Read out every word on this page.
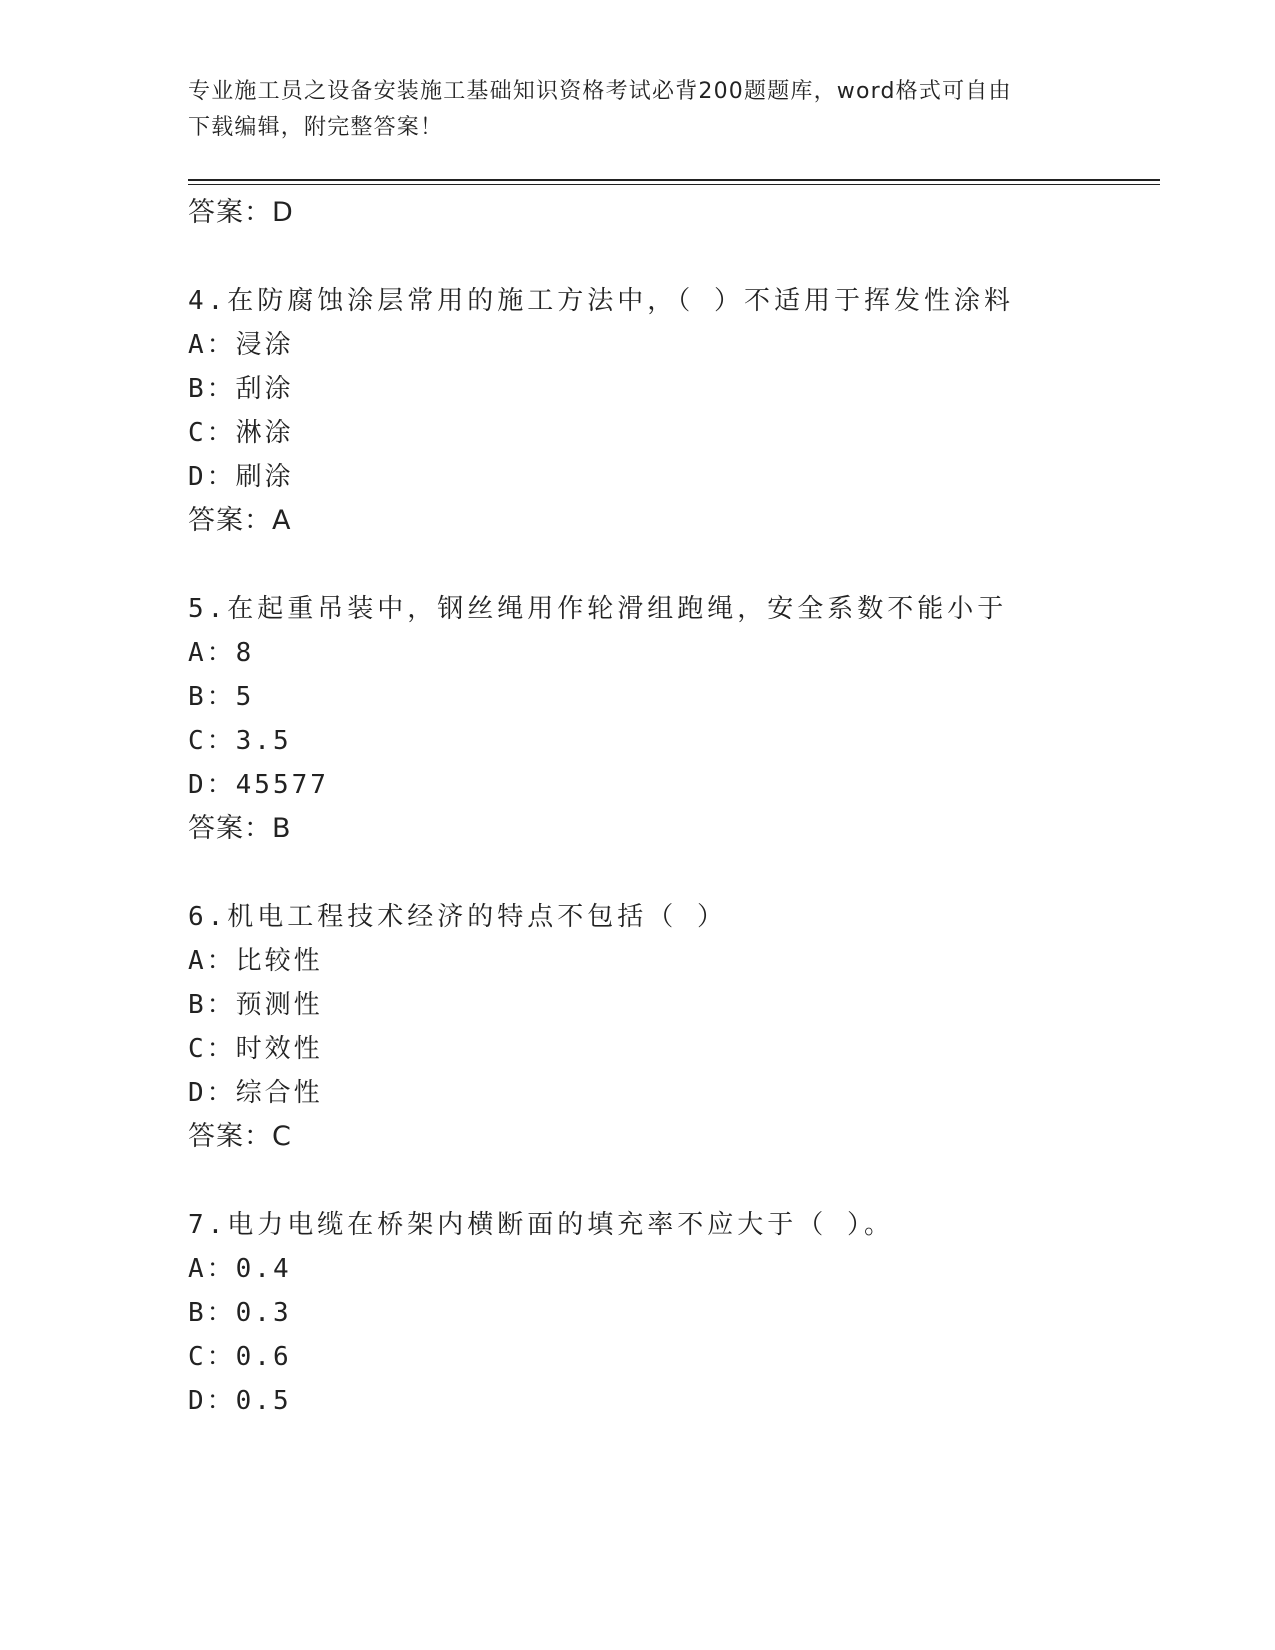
专业施工员之设备安装施工基础知识资格考试必背200题题库，word格式可自由
下载编辑，附完整答案！
答案：D
4.在防腐蚀涂层常用的施工方法中，（ ）不适用于挥发性涂料
A：浸涂
B：刮涂
C：淋涂
D：刷涂
答案：A
5.在起重吊装中，钢丝绳用作轮滑组跑绳，安全系数不能小于
A：8
B：5
C：3.5
D：45577
答案：B
6.机电工程技术经济的特点不包括（ ）
A：比较性
B：预测性
C：时效性
D：综合性
答案：C
7.电力电缆在桥架内横断面的填充率不应大于（ ）。
A：0.4
B：0.3
C：0.6
D：0.5
